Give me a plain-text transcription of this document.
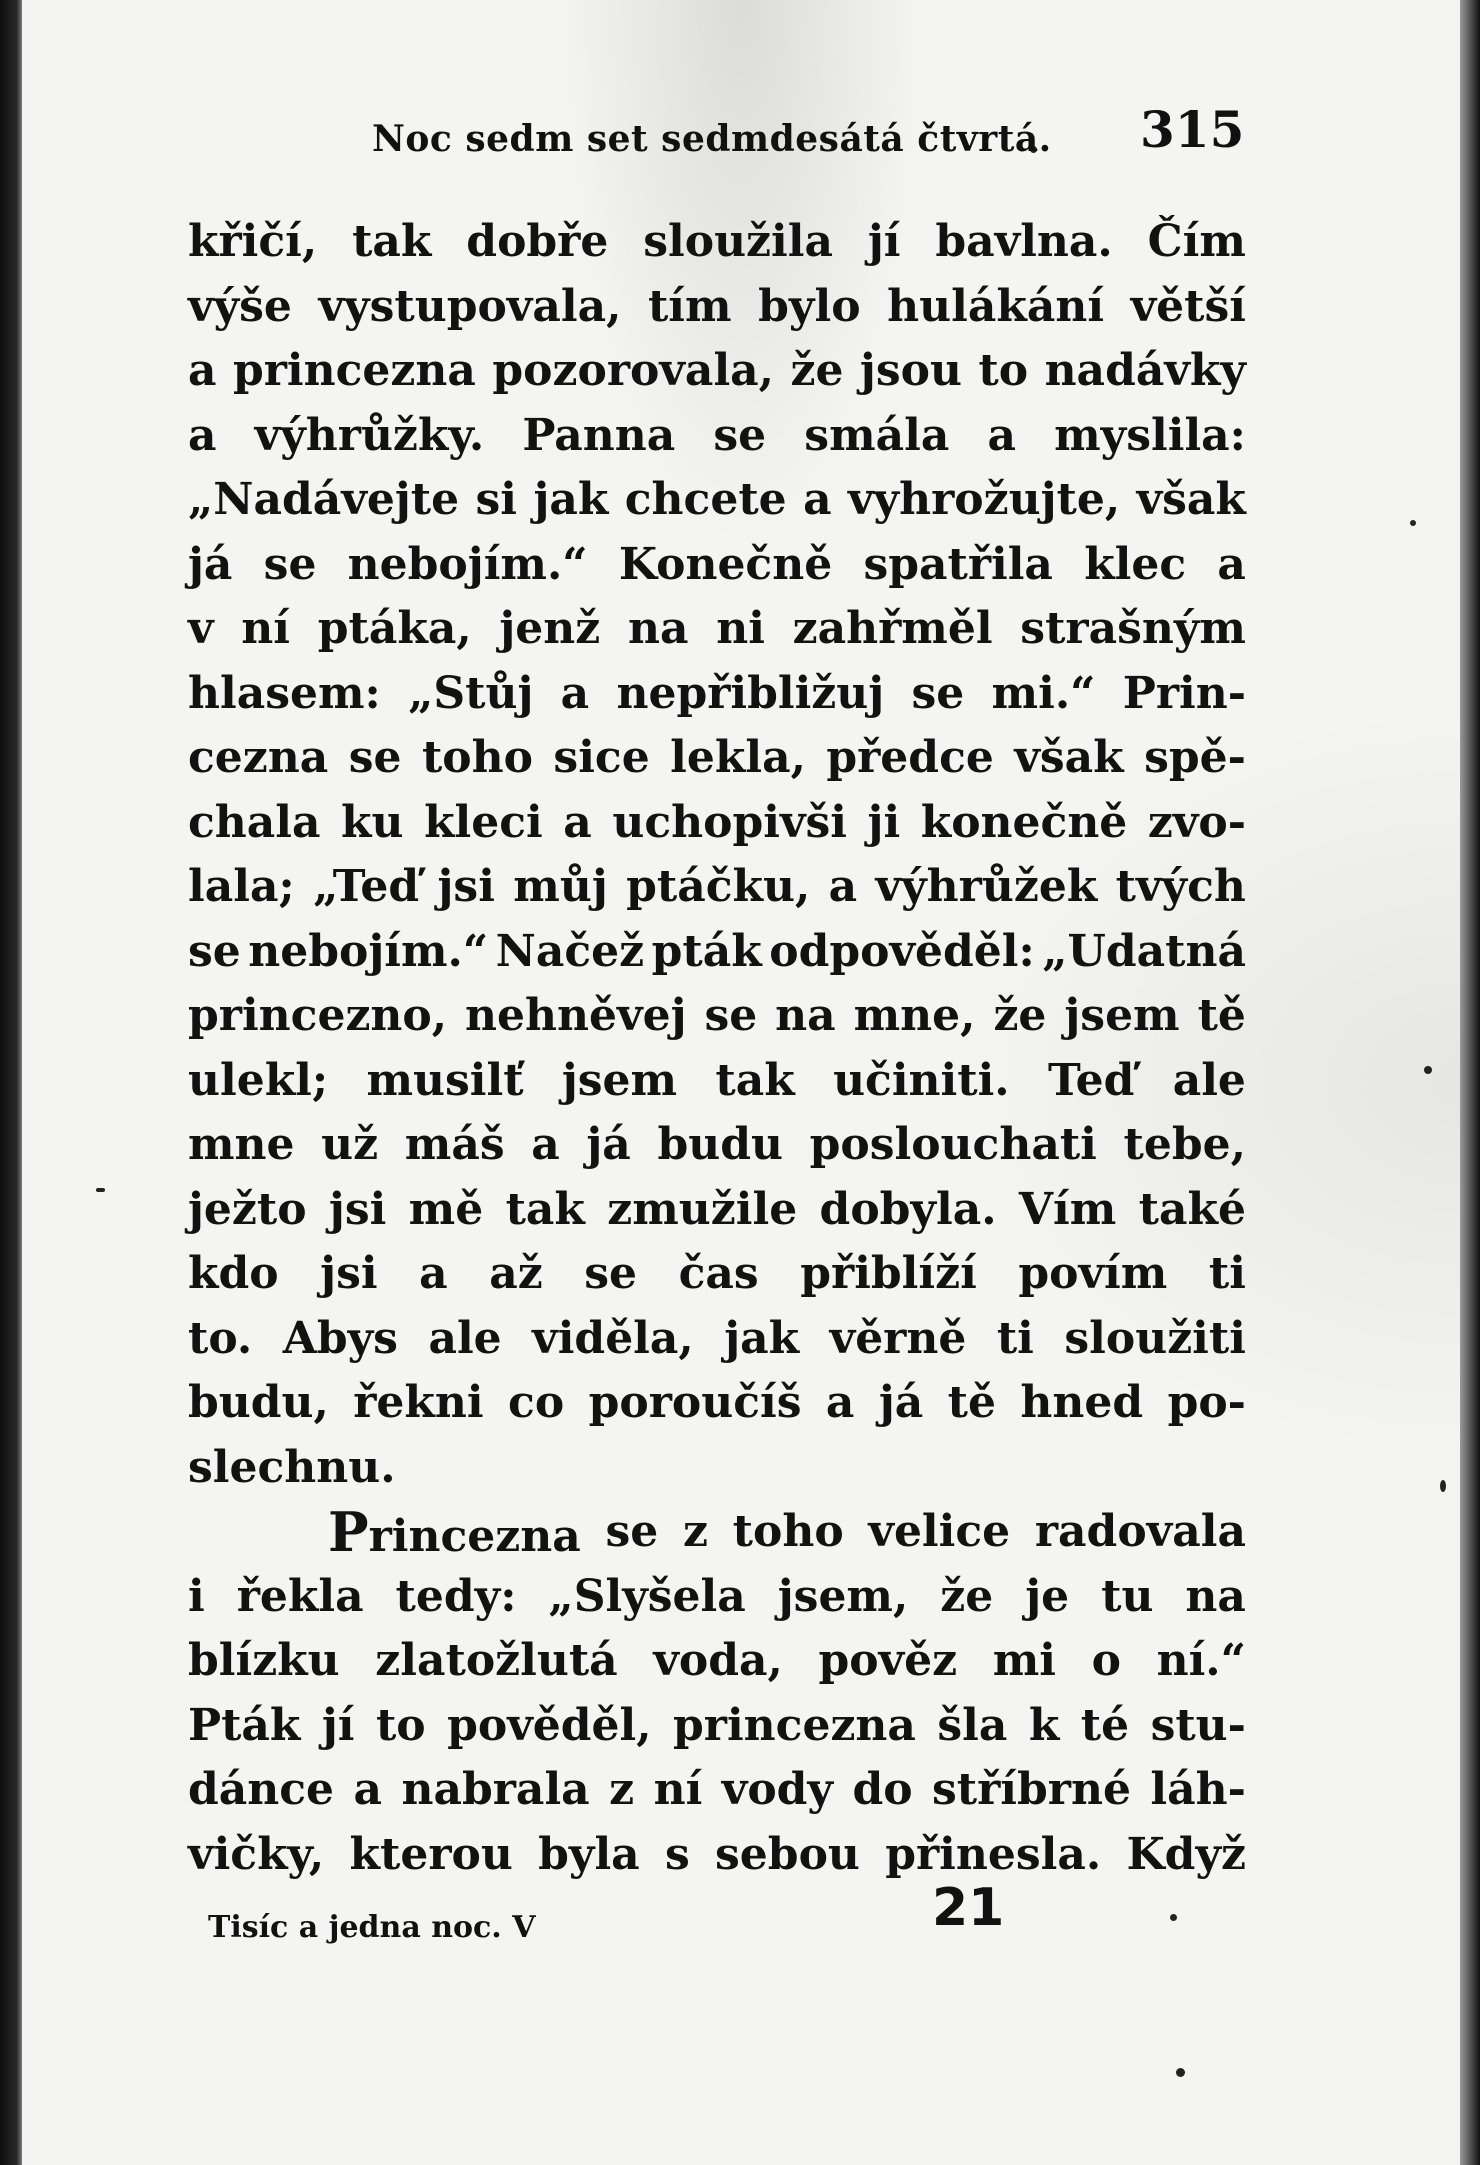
Noc sedm set sedmdesátá čtvrtá. 315
křičí, tak dobře sloužila jí bavlna. Čím
výše vystupovala, tím bylo hulákání větší
a princezna pozorovala, že jsou to nadávky
a výhrůžky. Panna se smála a myslila:
„Nadávejte si jak chcete a vyhrožujte, však
já se nebojím.“ Konečně spatřila klec a
v ní ptáka, jenž na ni zahřměl strašným
hlasem: „Stůj a nepřibližuj se mi.“ Prin-
cezna se toho sice lekla, předce však spě-
chala ku kleci a uchopivši ji konečně zvo-
lala; „Teď jsi můj ptáčku, a výhrůžek tvých
se nebojím.“ Načež pták odpověděl: „Udatná
princezno, nehněvej se na mne, že jsem tě
ulekl; musilť jsem tak učiniti. Teď ale
mne už máš a já budu poslouchati tebe,
ježto jsi mě tak zmužile dobyla. Vím také
kdo jsi a až se čas přiblíží povím ti
to. Abys ale viděla, jak věrně ti sloužiti
budu, řekni co poroučíš a já tě hned po-
slechnu.
Princezna se z toho velice radovala
i řekla tedy: „Slyšela jsem, že je tu na
blízku zlatožlutá voda, pověz mi o ní.“
Pták jí to pověděl, princezna šla k té stu-
dánce a nabrala z ní vody do stříbrné láh-
vičky, kterou byla s sebou přinesla. Když
Tisíc a jedna noc. V	21
